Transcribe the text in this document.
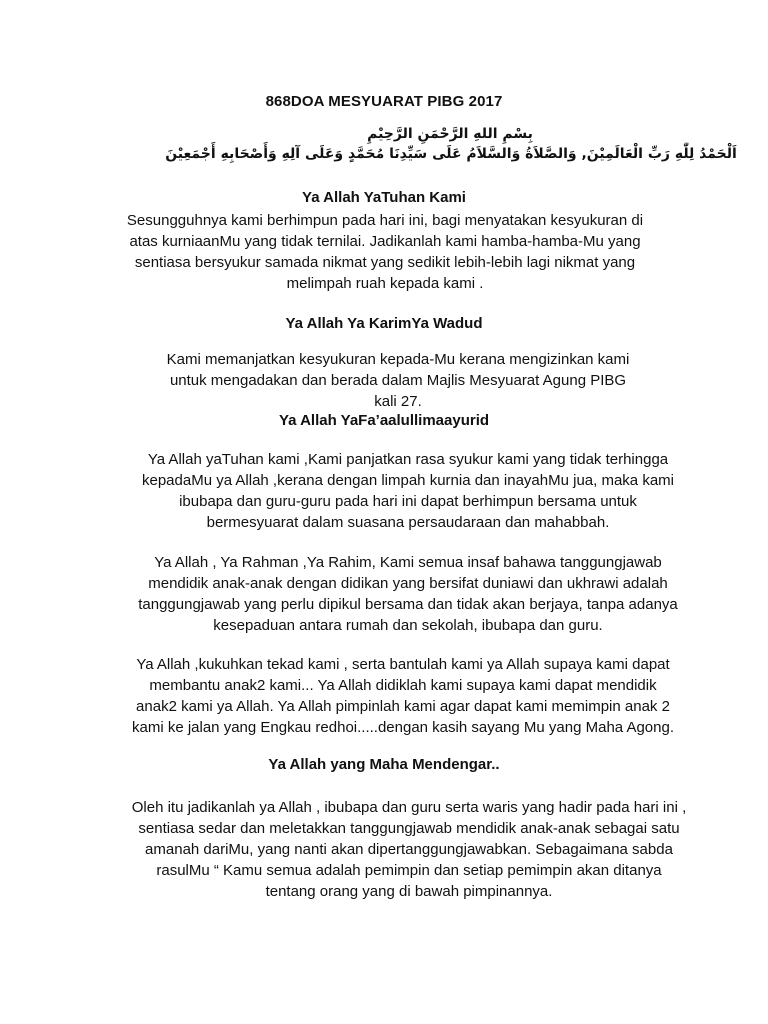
868DOA MESYUARAT PIBG 2017
بِسْمِ اللهِ الرَّحْمَنِ الرَّحِيْمِ
اَلْحَمْدُ لِلّٰهِ رَبِّ الْعَالَمِيْنَ, وَالصَّلاَةُ وَالسَّلاَمُ عَلَى سَيِّدِنَا مُحَمَّدٍ وَعَلَى آلِهِ وَأَصْحَابِهِ أَجْمَعِيْنَ
Ya Allah YaTuhan Kami
Sesungguhnya kami berhimpun pada hari ini, bagi menyatakan kesyukuran di atas kurniaanMu yang tidak ternilai. Jadikanlah kami hamba-hamba-Mu yang sentiasa bersyukur samada nikmat yang sedikit lebih-lebih lagi nikmat yang melimpah ruah kepada kami .
Ya Allah Ya KarimYa Wadud
Kami memanjatkan kesyukuran kepada-Mu kerana mengizinkan kami untuk mengadakan dan berada dalam Majlis Mesyuarat Agung PIBG kali 27.
Ya Allah YaFa’aalullimaayurid
Ya Allah yaTuhan kami ,Kami panjatkan rasa syukur kami yang tidak terhingga kepadaMu ya Allah ,kerana dengan limpah kurnia dan inayahMu jua, maka kami ibubapa dan guru-guru pada hari ini dapat berhimpun bersama untuk bermesyuarat dalam suasana persaudaraan dan mahabbah.
Ya Allah , Ya Rahman ,Ya Rahim, Kami semua insaf bahawa tanggungjawab mendidik anak-anak dengan didikan yang bersifat duniawi dan ukhrawi adalah tanggungjawab yang perlu dipikul bersama dan tidak akan berjaya, tanpa adanya kesepaduan antara rumah dan sekolah, ibubapa dan guru.
Ya Allah ,kukuhkan tekad kami , serta bantulah kami ya Allah supaya kami dapat membantu anak2 kami... Ya Allah didiklah kami supaya kami dapat mendidik anak2 kami ya Allah. Ya Allah pimpinlah kami agar dapat kami memimpin anak 2 kami ke jalan yang Engkau redhoi.....dengan kasih sayang Mu yang Maha Agong.
Ya Allah yang Maha Mendengar..
Oleh itu jadikanlah ya Allah , ibubapa dan guru serta waris yang hadir pada hari ini , sentiasa sedar dan meletakkan tanggungjawab mendidik anak-anak sebagai satu amanah dariMu, yang nanti akan dipertanggungjawabkan. Sebagaimana sabda rasulMu “ Kamu semua adalah pemimpin dan setiap pemimpin akan ditanya tentang orang yang di bawah pimpinannya.
